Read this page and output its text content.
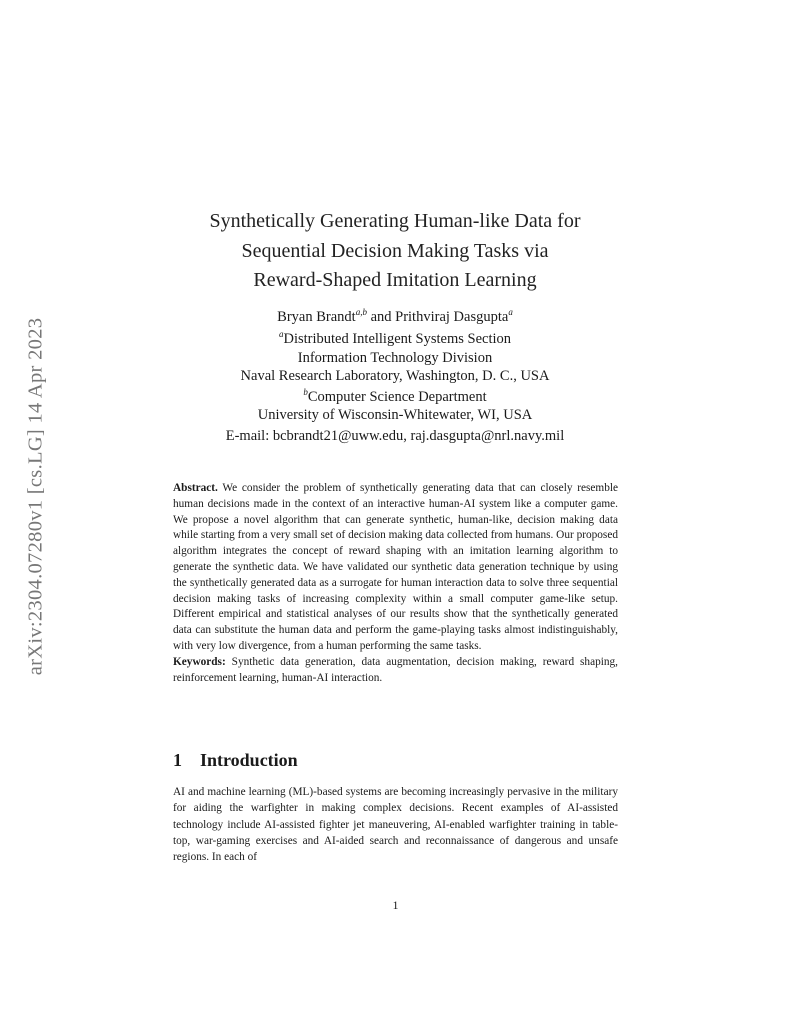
arXiv:2304.07280v1 [cs.LG] 14 Apr 2023
Synthetically Generating Human-like Data for
Sequential Decision Making Tasks via
Reward-Shaped Imitation Learning
Bryan Brandt$^{a,b}$ and Prithviraj Dasgupta$^a$
$^a$Distributed Intelligent Systems Section
Information Technology Division
Naval Research Laboratory, Washington, D. C., USA
$^b$Computer Science Department
University of Wisconsin-Whitewater, WI, USA
E-mail: bcbrandt21@uww.edu, raj.dasgupta@nrl.navy.mil

Abstract. We consider the problem of synthetically generating data that can closely resemble human decisions made in the context of an interactive human-AI system like a computer game. We propose a novel algorithm that can generate synthetic, human-like, decision making data while starting from a very small set of decision making data collected from humans. Our proposed algorithm integrates the concept of reward shaping with an imitation learning algorithm to generate the synthetic data. We have validated our synthetic data generation technique by using the synthetically generated data as a surrogate for human interaction data to solve three sequential decision making tasks of increasing complexity within a small computer game-like setup. Different empirical and statistical analyses of our results show that the synthetically generated data can substitute the human data and perform the game-playing tasks almost indistinguishably, with very low divergence, from a human performing the same tasks.

Keywords: Synthetic data generation, data augmentation, decision making, reward shaping, reinforcement learning, human-AI interaction.

1 Introduction

AI and machine learning (ML)-based systems are becoming increasingly pervasive in the military for aiding the warfighter in making complex decisions. Recent examples of AI-assisted technology include AI-assisted fighter jet maneuvering, AI-enabled warfighter training in table-top, war-gaming exercises and AI-aided search and reconnaissance of dangerous and unsafe regions. In each of

1
